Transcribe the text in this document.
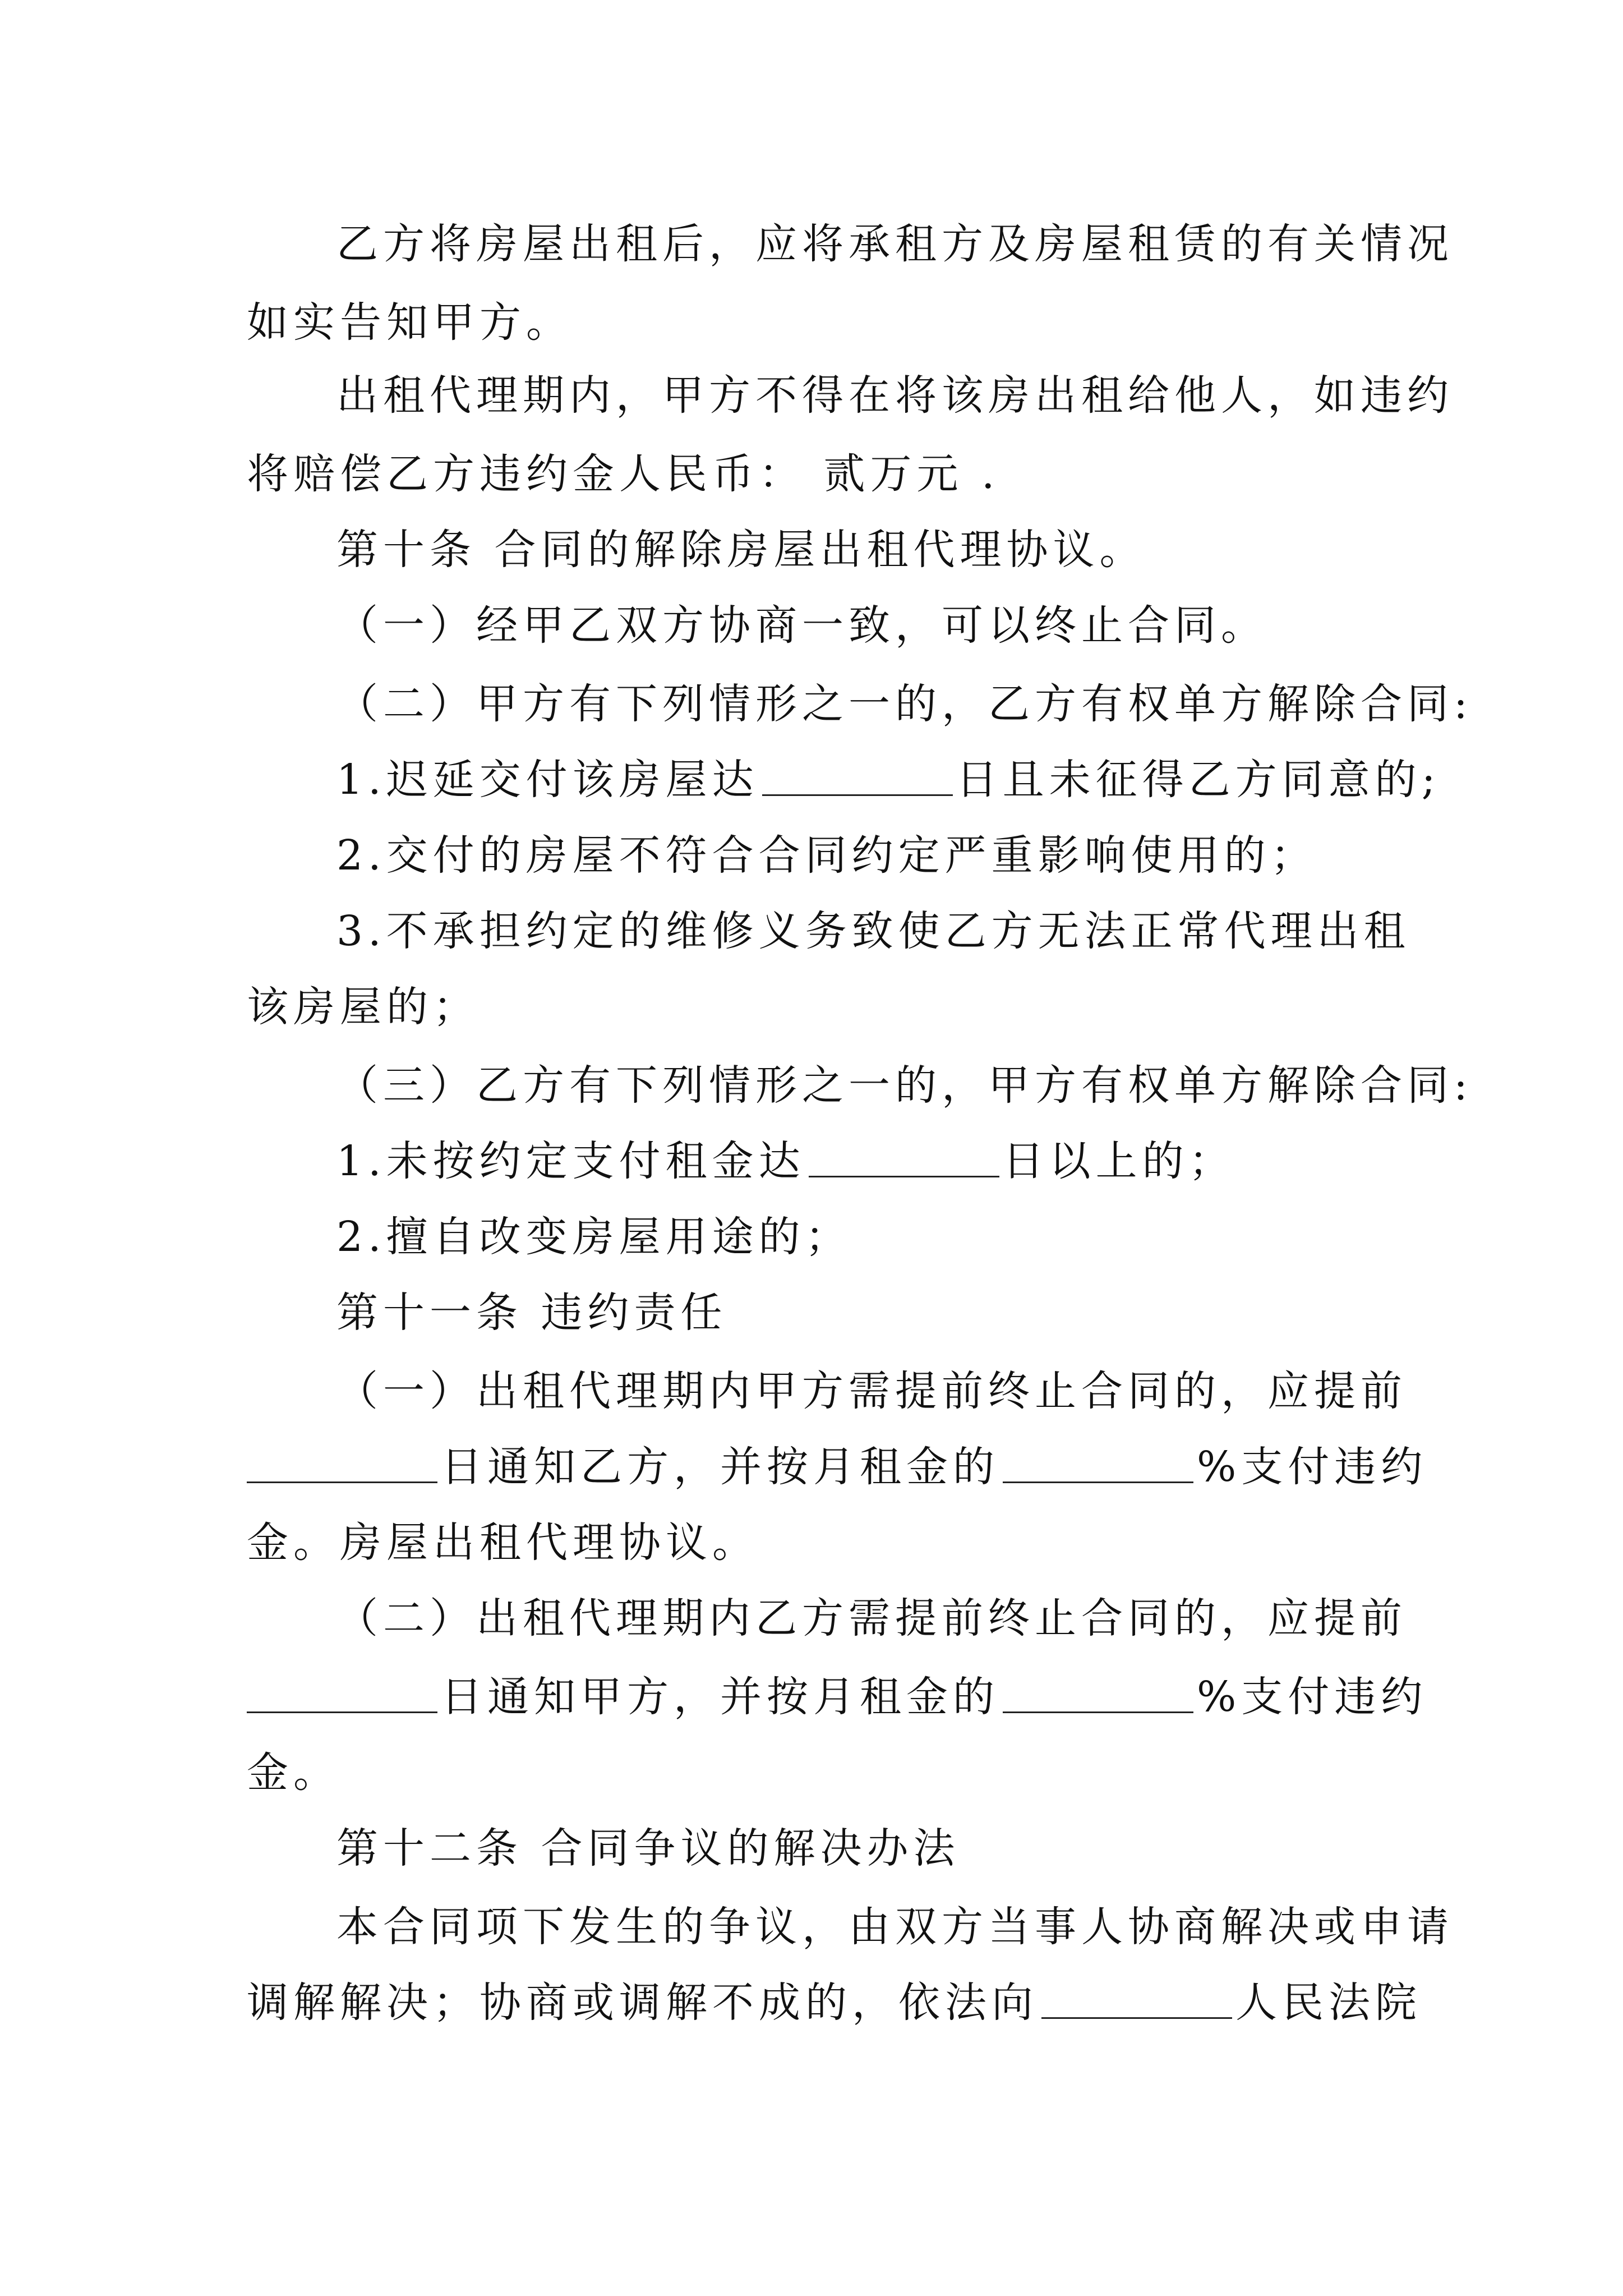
乙方将房屋出租后，应将承租方及房屋租赁的有关情况
如实告知甲方。
出租代理期内，甲方不得在将该房出租给他人，如违约
将赔偿乙方违约金人民币： 贰万元 .
第十条 合同的解除房屋出租代理协议。
（一）经甲乙双方协商一致，可以终止合同。
（二）甲方有下列情形之一的，乙方有权单方解除合同:
1.迟延交付该房屋达	日且未征得乙方同意的;
2.交付的房屋不符合合同约定严重影响使用的；
3.不承担约定的维修义务致使乙方无法正常代理出租
该房屋的；
（三）乙方有下列情形之一的，甲方有权单方解除合同:
1.未按约定支付租金达	日以上的；
2.擅自改变房屋用途的；
第十一条 违约责任
（一）出租代理期内甲方需提前终止合同的，应提前
日通知乙方，并按月租金的	%支付违约
金。房屋出租代理协议。
（二）出租代理期内乙方需提前终止合同的，应提前
日通知甲方，并按月租金的	%支付违约
金。
第十二条 合同争议的解决办法
本合同项下发生的争议，由双方当事人协商解决或申请
调解解决；协商或调解不成的，依法向	人民法院
